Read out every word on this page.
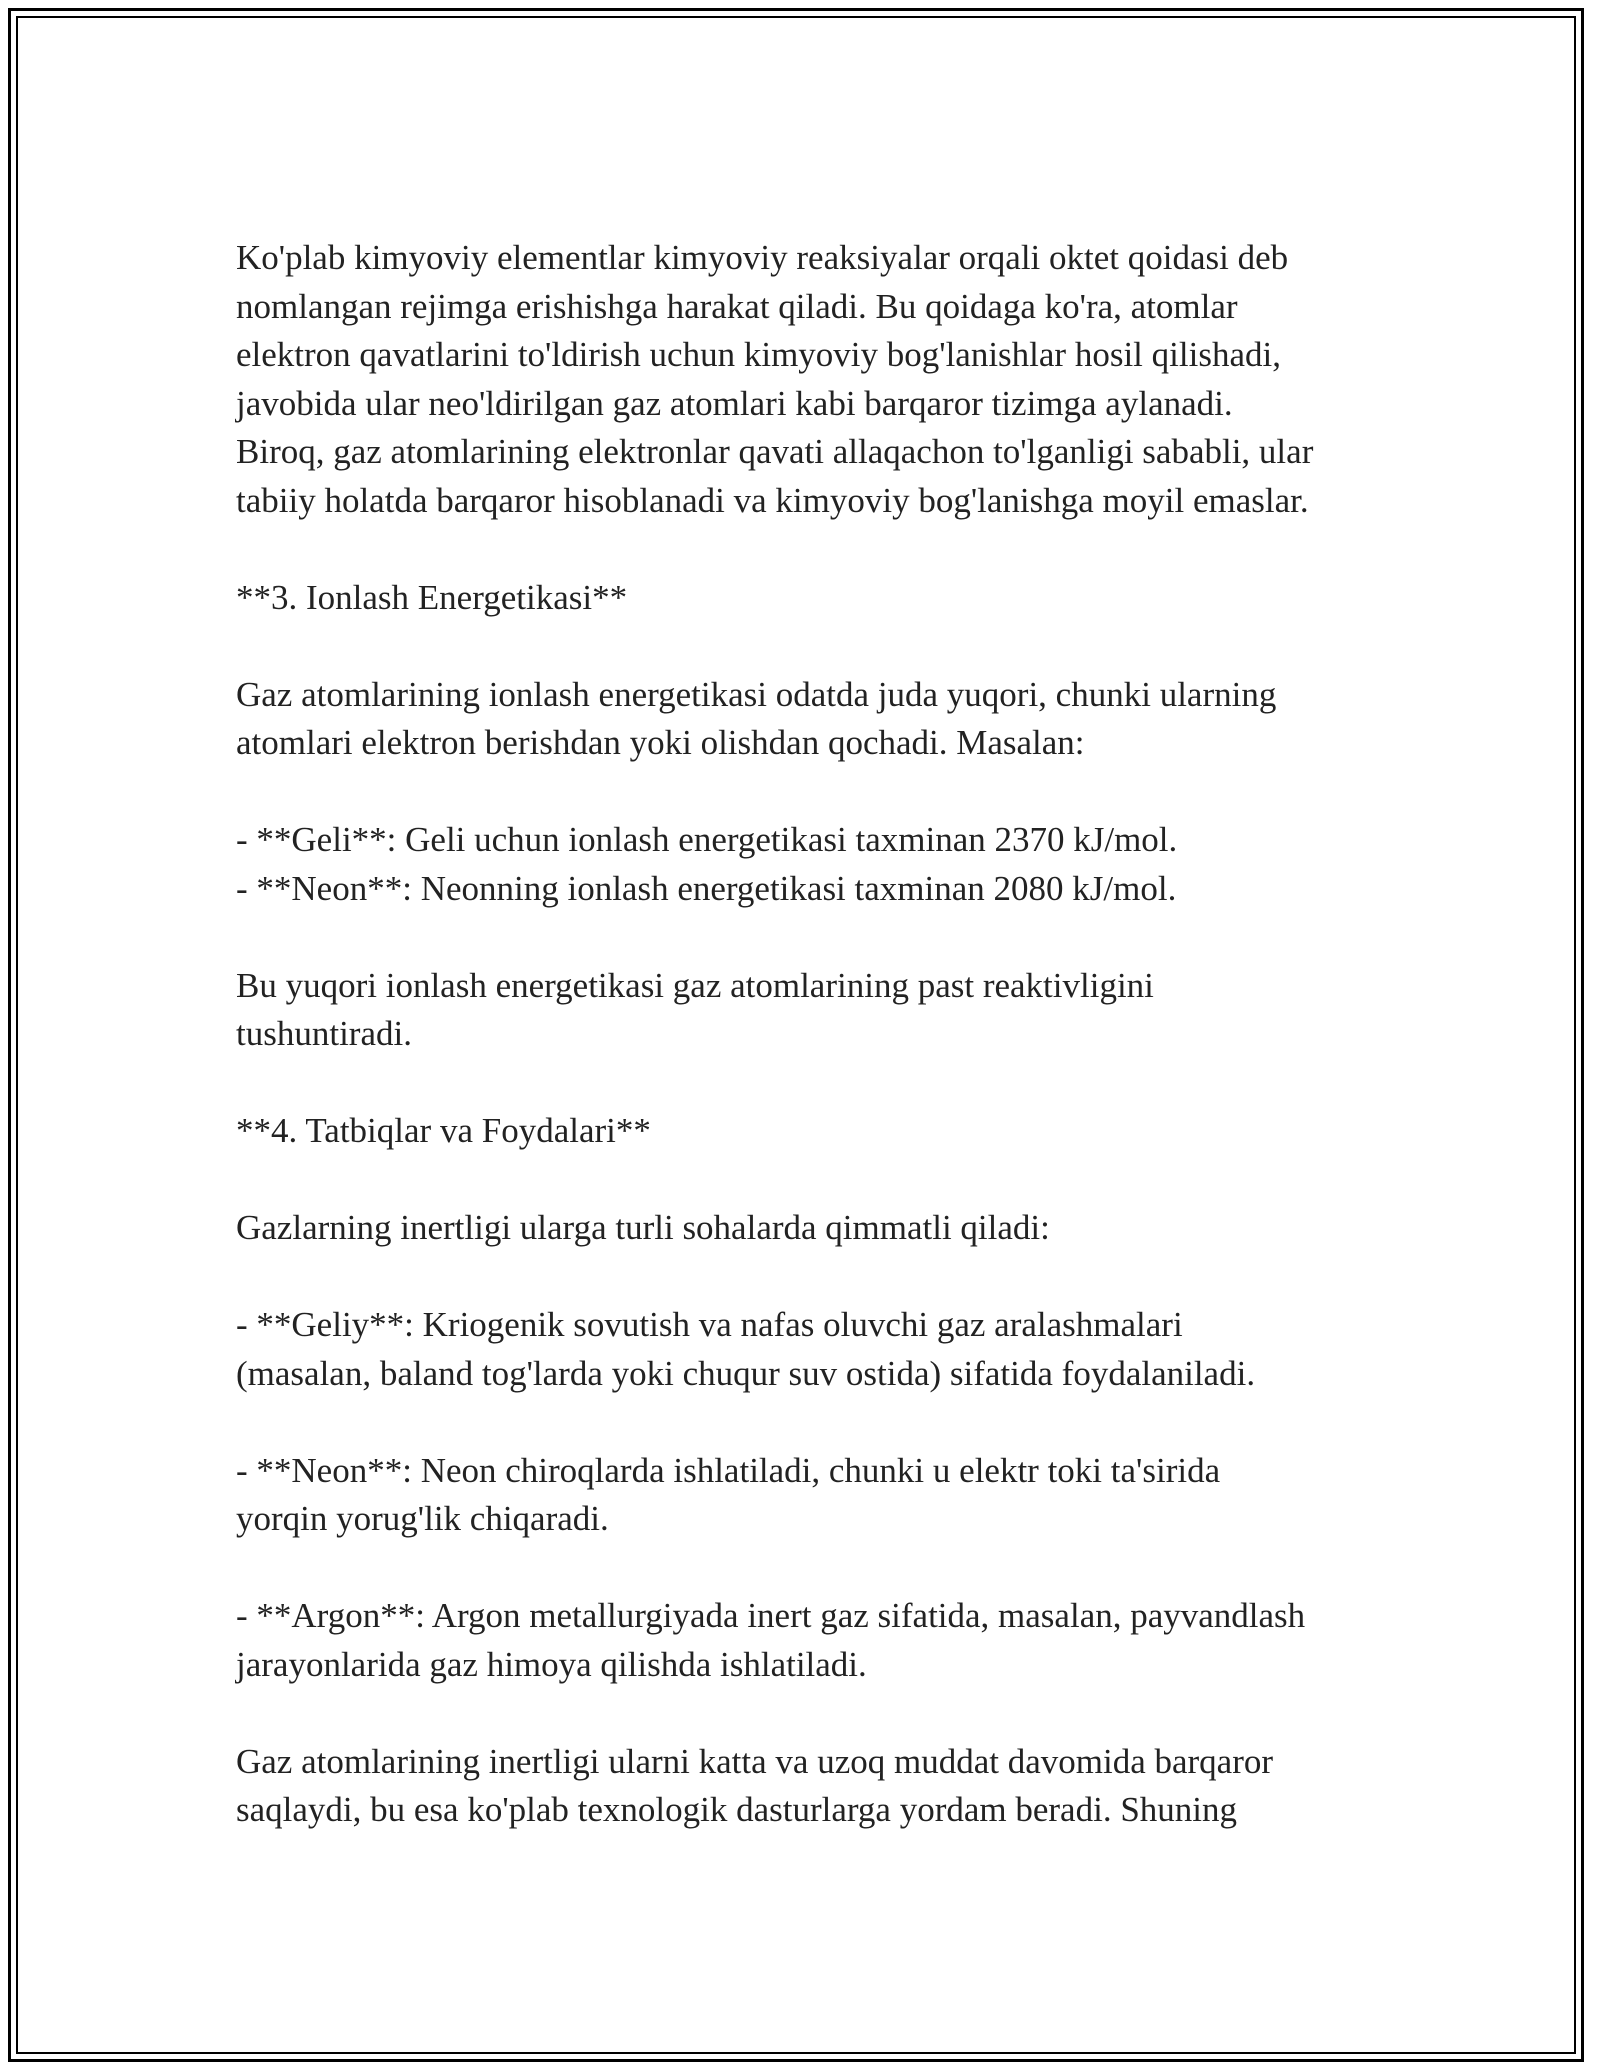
Ko'plab kimyoviy elementlar kimyoviy reaksiyalar orqali oktet qoidasi deb

nomlangan rejimga erishishga harakat qiladi. Bu qoidaga ko'ra, atomlar

elektron qavatlarini to'ldirish uchun kimyoviy bog'lanishlar hosil qilishadi,

javobida ular neo'ldirilgan gaz atomlari kabi barqaror tizimga aylanadi.

Biroq, gaz atomlarining elektronlar qavati allaqachon to'lganligi sababli, ular

tabiiy holatda barqaror hisoblanadi va kimyoviy bog'lanishga moyil emaslar.

**3. Ionlash Energetikasi**

Gaz atomlarining ionlash energetikasi odatda juda yuqori, chunki ularning

atomlari elektron berishdan yoki olishdan qochadi. Masalan:

- **Geli**: Geli uchun ionlash energetikasi taxminan 2370 kJ/mol.

- **Neon**: Neonning ionlash energetikasi taxminan 2080 kJ/mol.

Bu yuqori ionlash energetikasi gaz atomlarining past reaktivligini

tushuntiradi.

**4. Tatbiqlar va Foydalari**

Gazlarning inertligi ularga turli sohalarda qimmatli qiladi:

- **Geliy**: Kriogenik sovutish va nafas oluvchi gaz aralashmalari

(masalan, baland tog'larda yoki chuqur suv ostida) sifatida foydalaniladi.

- **Neon**: Neon chiroqlarda ishlatiladi, chunki u elektr toki ta'sirida

yorqin yorug'lik chiqaradi.

- **Argon**: Argon metallurgiyada inert gaz sifatida, masalan, payvandlash

jarayonlarida gaz himoya qilishda ishlatiladi.

Gaz atomlarining inertligi ularni katta va uzoq muddat davomida barqaror

saqlaydi, bu esa ko'plab texnologik dasturlarga yordam beradi. Shuning
